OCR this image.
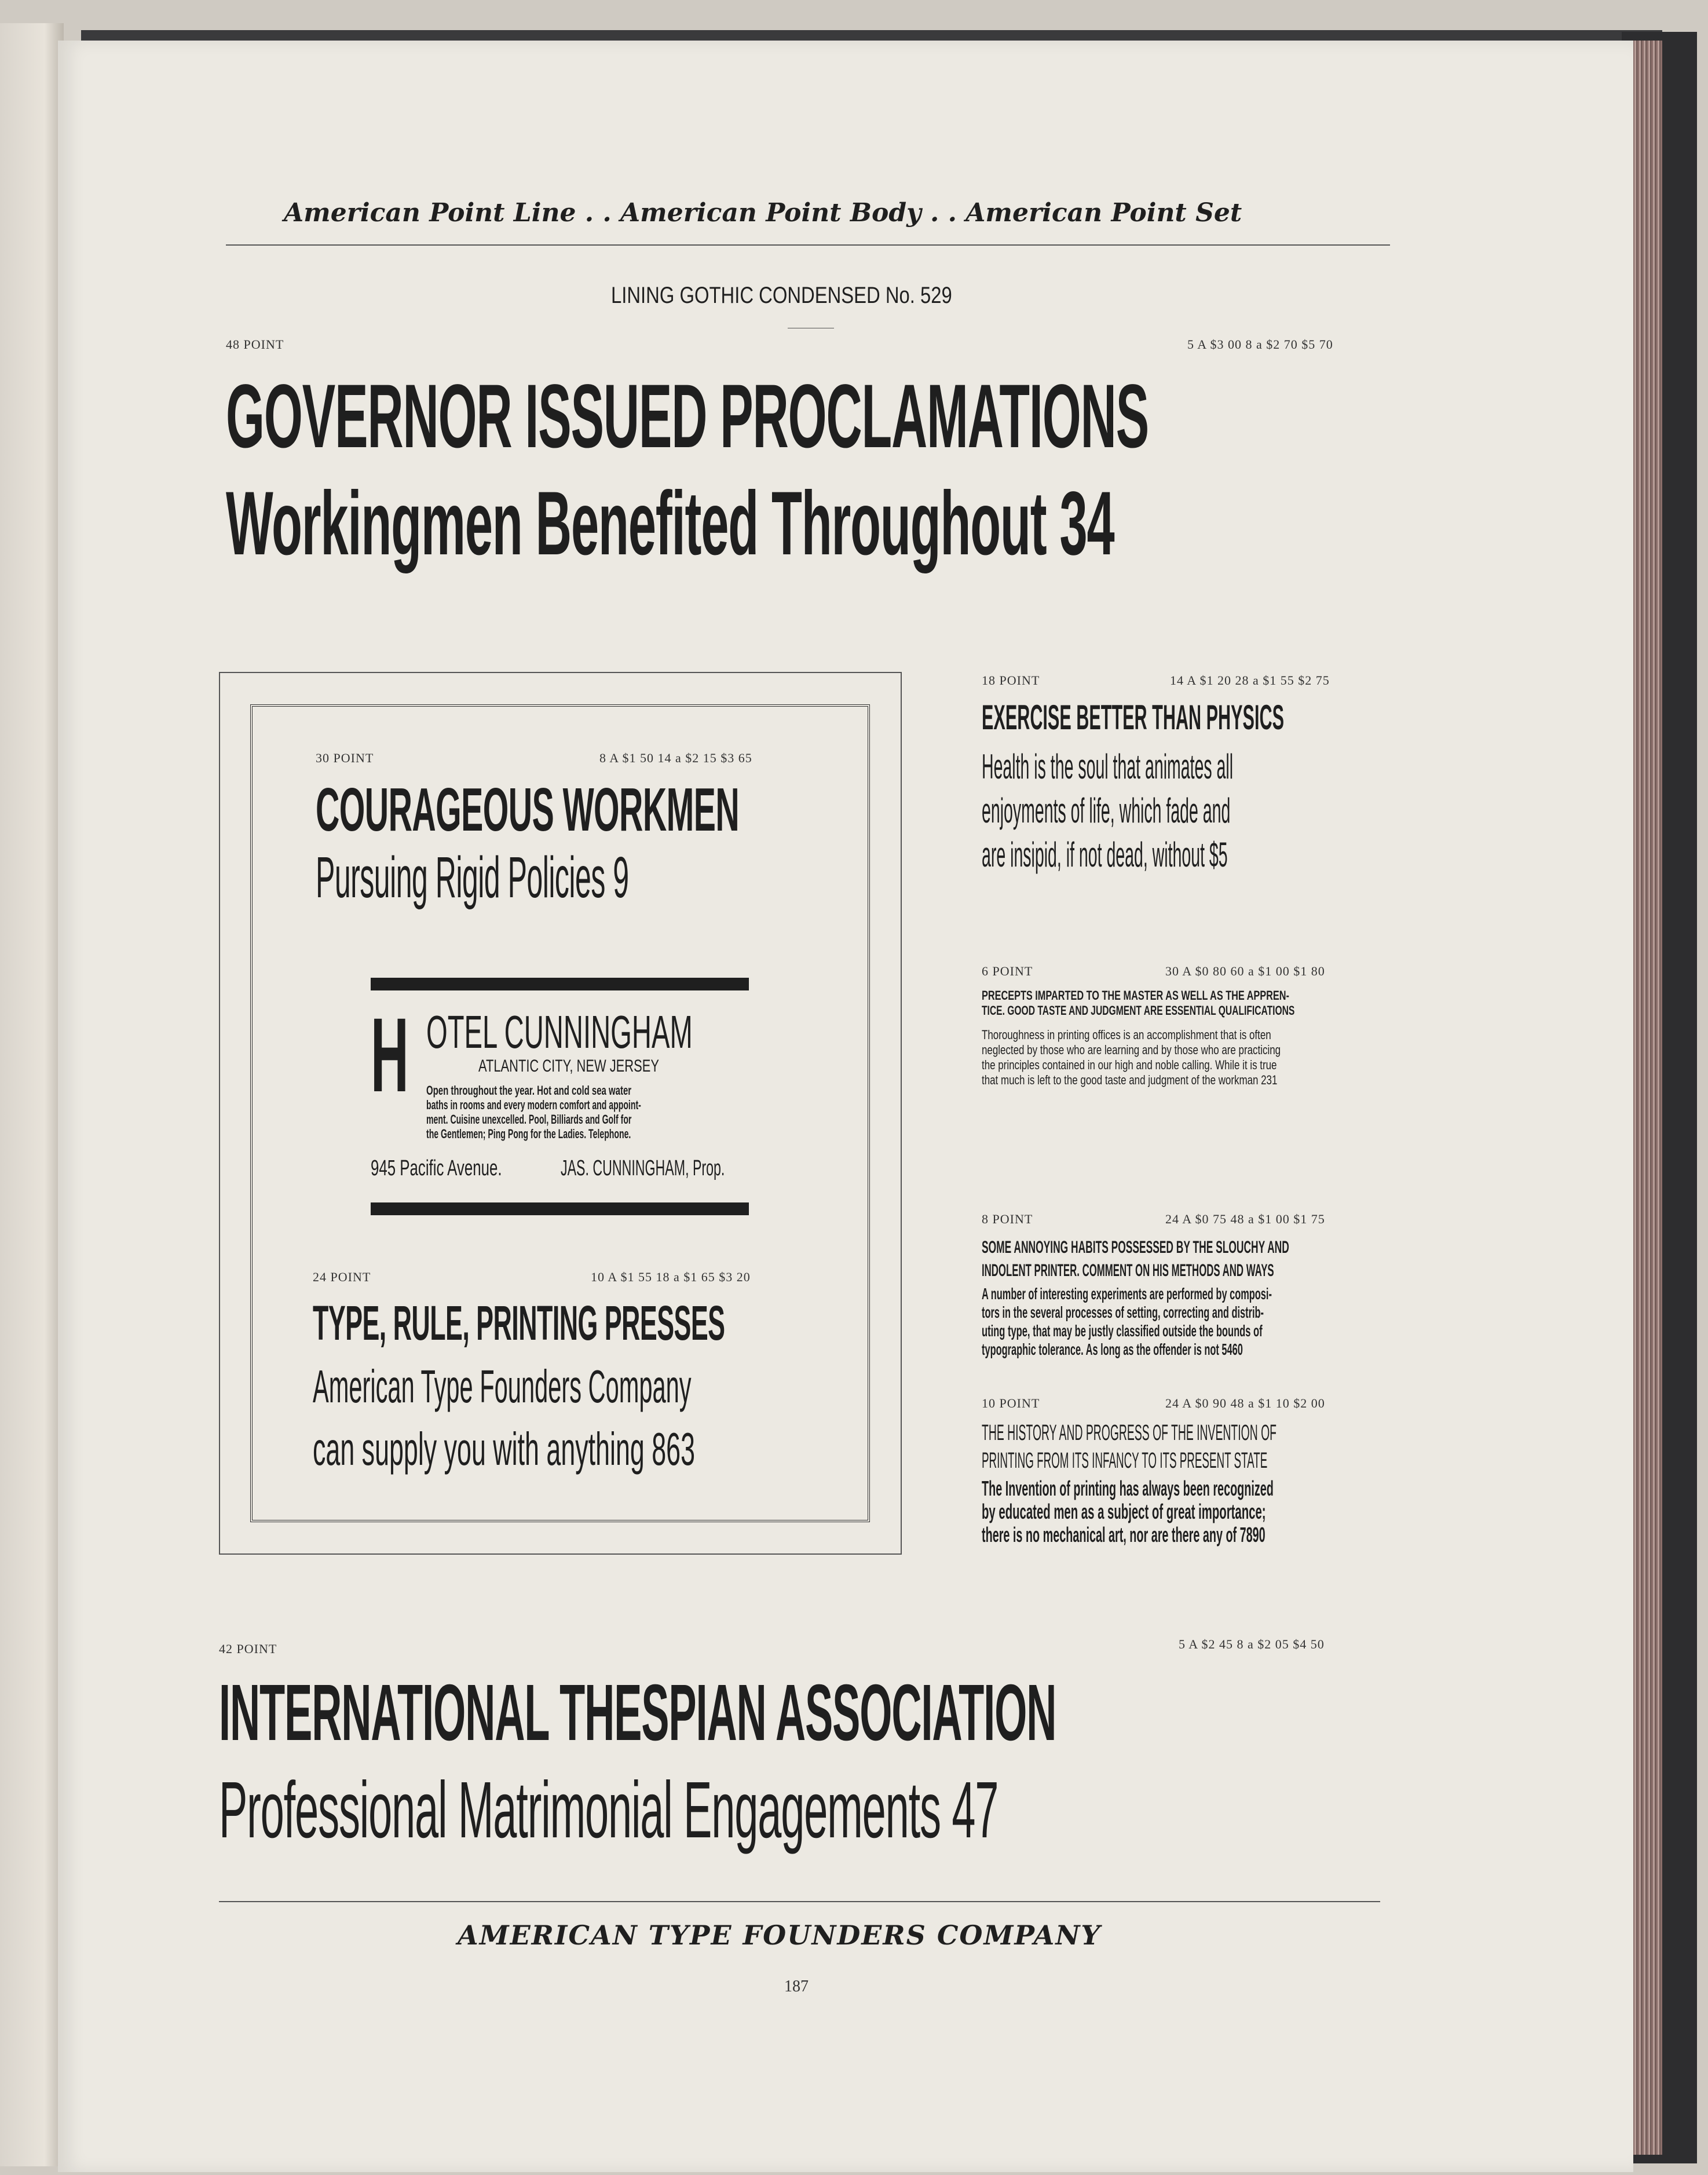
American Point Line . . American Point Body . . American Point Set
LINING GOTHIC CONDENSED No. 529
48 POINT	5 A $3 00 8 a $2 70 $5 70
GOVERNOR ISSUED PROCLAMATIONS
Workingmen Benefited Throughout 34
30 POINT	8 A $1 50 14 a $2 15 $3 65
COURAGEOUS WORKMEN
Pursuing Rigid Policies 9
H OTEL CUNNINGHAM
ATLANTIC CITY, NEW JERSEY
Open throughout the year. Hot and cold sea water
baths in rooms and every modern comfort and appoint-
ment. Cuisine unexcelled. Pool, Billiards and Golf for
the Gentlemen; Ping Pong for the Ladies. Telephone.
945 Pacific Avenue.	JAS. CUNNINGHAM, Prop.
24 POINT	10 A $1 55 18 a $1 65 $3 20
TYPE, RULE, PRINTING PRESSES
American Type Founders Company
can supply you with anything 863
18 POINT	14 A $1 20 28 a $1 55 $2 75
EXERCISE BETTER THAN PHYSICS
Health is the soul that animates all
enjoyments of life, which fade and
are insipid, if not dead, without $5
6 POINT	30 A $0 80 60 a $1 00 $1 80
PRECEPTS IMPARTED TO THE MASTER AS WELL AS THE APPREN-
TICE. GOOD TASTE AND JUDGMENT ARE ESSENTIAL QUALIFICATIONS
Thoroughness in printing offices is an accomplishment that is often
neglected by those who are learning and by those who are practicing
the principles contained in our high and noble calling. While it is true
that much is left to the good taste and judgment of the workman 231
8 POINT	24 A $0 75 48 a $1 00 $1 75
SOME ANNOYING HABITS POSSESSED BY THE SLOUCHY AND
INDOLENT PRINTER. COMMENT ON HIS METHODS AND WAYS
A number of interesting experiments are performed by composi-
tors in the several processes of setting, correcting and distrib-
uting type, that may be justly classified outside the bounds of
typographic tolerance. As long as the offender is not 5460
10 POINT	24 A $0 90 48 a $1 10 $2 00
THE HISTORY AND PROGRESS OF THE INVENTION OF
PRINTING FROM ITS INFANCY TO ITS PRESENT STATE
The Invention of printing has always been recognized
by educated men as a subject of great importance;
there is no mechanical art, nor are there any of 7890
42 POINT	5 A $2 45 8 a $2 05 $4 50
INTERNATIONAL THESPIAN ASSOCIATION
Professional Matrimonial Engagements 47
AMERICAN TYPE FOUNDERS COMPANY
187
